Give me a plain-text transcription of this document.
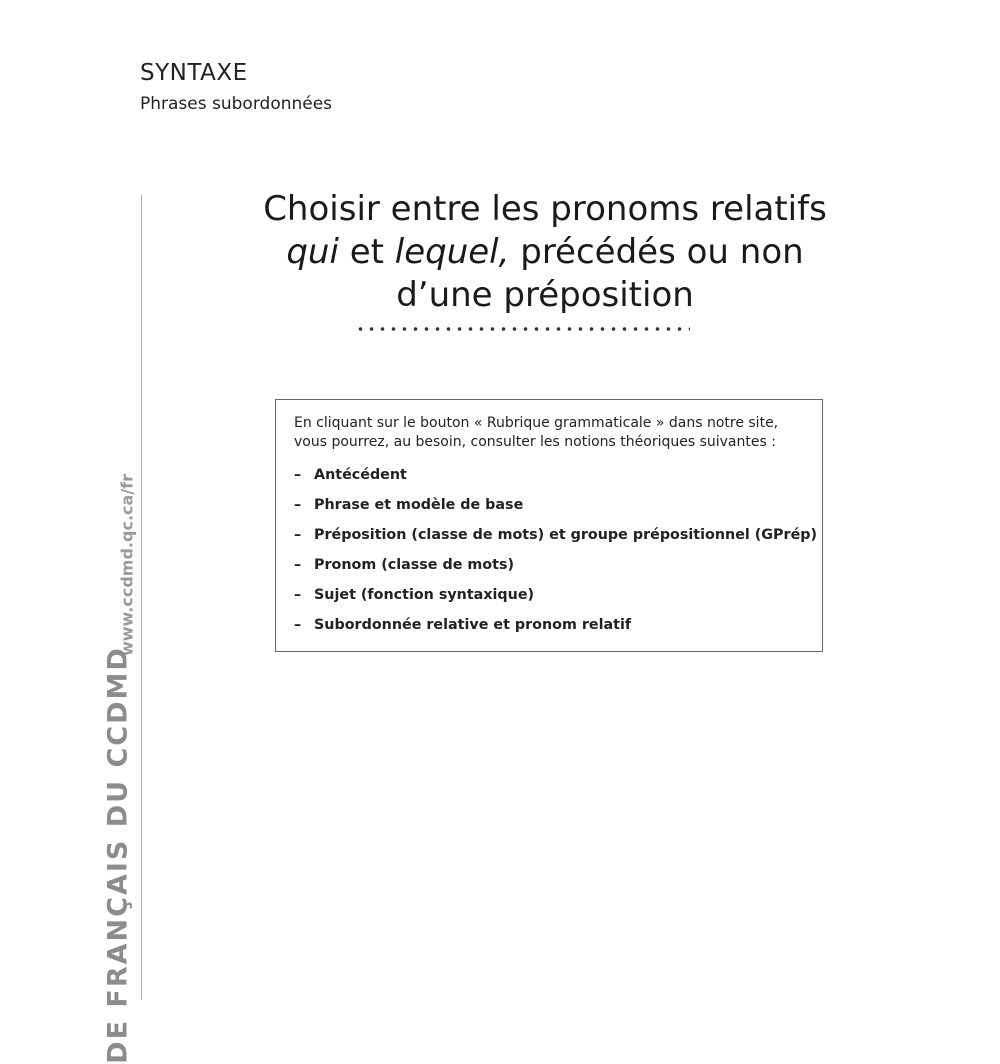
SYNTAXE
Phrases subordonnées
www.ccdmd.qc.ca/fr
DE FRANÇAIS DU CCDMD
Choisir entre les pronoms relatifs
qui et lequel, précédés ou non
d’une préposition

En cliquant sur le bouton « Rubrique grammaticale » dans notre site,
vous pourrez, au besoin, consulter les notions théoriques suivantes :

– Antécédent
– Phrase et modèle de base
– Préposition (classe de mots) et groupe prépositionnel (GPrép)
– Pronom (classe de mots)
– Sujet (fonction syntaxique)
– Subordonnée relative et pronom relatif
